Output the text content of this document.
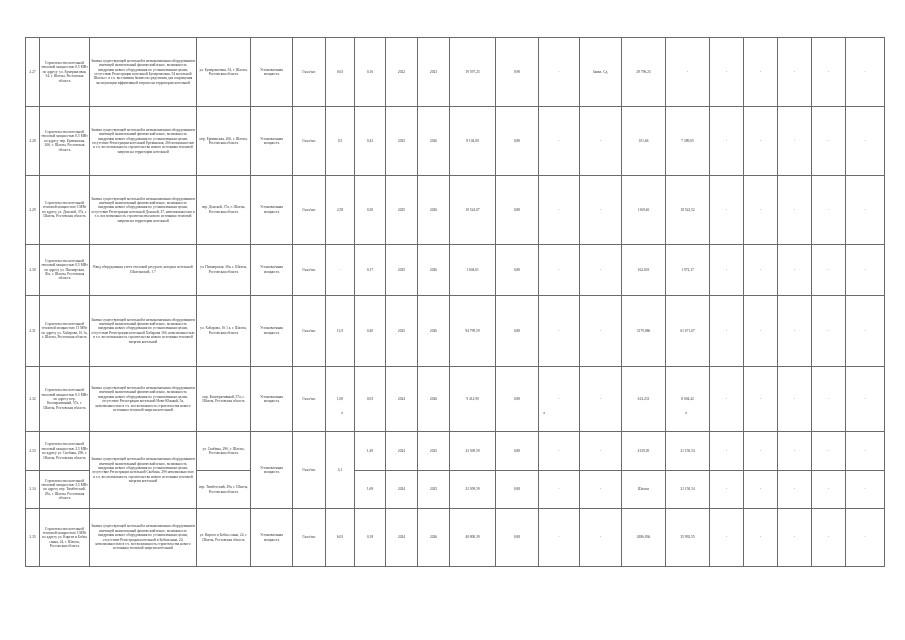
2.27	Строительство котельной тепловой мощностью 0,5 МВт по адресу: ул. Бумеранговая, 54, г. Шахты, Ростовская область	Замена существующей котельной в неэкономичным оборудованием имеющей значительный физический износ, возможность внедрения нового оборудования по установленным целям, отсутствие Регистрации котельной Бумеранговая, 54 котельной Шахты г. в т.ч. воз мнения бизнесов средствами для сокращения эксплуатации эффективной затраты на территории котельной	ул. Бумеранговая, 54, г. Шахты, Ростовская область	Установленная мощность	Гкал/час	0,63	0,16	2022	2023	19 597,25	0,90	-	Заявл. Сд.	29 796,23	-	-	-	-	-	-
2.28	Строительство котельной тепловой мощностью 0,5 МВт по адресу пер. Ереванская, 26б, г. Шахты, Ростовская область	Замена существующей котельной в неэкономичным оборудованием имеющей значительный физический износ, возможность внедрения нового оборудования по установленным целям, отсутствие Регистрации котельной Ереванская, 26б возможностью в т.ч. воз возможность строительства нового источника тепловой энергии на территории котельной	пер. Ереванская, 26б, г. Шахты, Ростовская область	Установленная мощность	Гкал/час	0,5	0,43	2025	2026	8 104,00	0,80	-	-	101,66	7 389,65	-	-	-	-	-
2.29	Строительство котельной тепловой мощностью 3 МВт по адресу ул. Донской, 37а, г. Шахты, Ростовская область	Замена существующей котельной в неэкономичным оборудованием имеющей значительный физический износ, возможность внедрения нового оборудования по установленным целям, отсутствие Регистрации котельной Донской, 37, невозможностью в т.ч. воз возможность строительства нового источника тепловой энергии на территории котельной	пер. Донской, 37а, г. Шахты, Ростовская область	Установленная мощность	Гкал/час	2,58	0,30	2025	2026	19 524,07	0,80	-	-	1169,46	18 522,52	-	-	-	-	-
2.30	Строительство котельной тепловой мощностью 0,5 МВт по адресу ул. Пионерская, 30а, г. Шахты, Ростовская область	Ввод оборудования учета тепловой ресурсов, которых котельной Шахтинской, 1 7	ул. Пионерская, 30а, г. Шахты, Ростовская область	Установленная мощность	Гкал/час	-	0,17	2025	2026	1 604,01	0,80	-	-	162,601	1 972,17	-	-	-	-	-
2.31	Строительство котельной тепловой мощностью 15 МВт по адресу ул. Хабарова, 16 1а, г. Шахты, Ростовская область	Замена существующей котельной в неэкономичным оборудованием имеющей значительный физический износ, возможность внедрения нового оборудования по установленным целям, отсутствие Регистрации котельной Хабарова 16б, невозможностью в т.ч. воз возможность строительства нового источника тепловой энергии котельной	ул. Хабарова, 16 1 а, г. Шахты, Ростовская область	Установленная мощность	Гкал/час	12,9	0,40	2025	2026	94 799,59	0,80	-	-	3179,086	61 671,67	-	-	-	-	-
2.32	Строительство котельной тепловой мощностью 0,5 МВт по адресу пер. Кооперативный, 57а, г. Шахты, Ростовская область	Замена существующей котельной в неэкономичным оборудованием имеющей значительный физический износ, возможность внедрения нового оборудования по установленным целям, отсутствие Регистрации котельной Ново-Южный, 5а, невозможностью в т.ч. воз возможность строительства нового источника тепловой энергии котельной	пер. Кооперативный, 57а, г. Шахты, Ростовская область	Установленная мощность	Гкал/час	1,00	0,03	2024	2026	9 412,90	0,80	-	-	614,231	8 004,42	-	-	-	-	-
2.33	Строительство котельной тепловой мощностью 2,5 МВт по адресу ул. Скобина, 29б, г. Шахты, Ростовская область	Замена существующей котельной в неэкономичным оборудованием имеющей значительный физический износ, возможность внедрения нового оборудования по установленным целям, отсутствие Регистрации котельной Скобина, 29б невозможностью в т.ч. воз возможность строительства нового источника тепловой энергии котельной	ул. Скобина, 29б, г. Шахты, Ростовская область	Установленная мощность	Гкал/час	4,1	1,49	2024	2025	23 509,59	0,80	-	-	4139,05	21 150,54	-	-	-	-	-
2.34	Строительство котельной тепловой мощностью 3,5 МВт по адресу пер. Тимбетский, 29а, г. Шахты, Ростовская область		пер. Тимбетский, 29а, г. Шахты, Ростовская область				1,69	2024	2025	23 509,59	0,80	-	-	Шахты	21 150,54	-	-	-	-	-
2.35	Строительство котельной тепловой мощностью 3 МВт по адресу ул. Киргиз и Бобка санна, 24, г. Шахты, Ростовская область	Замена существующей котельной в неэкономичным оборудованием имеющей значительный физический износ, возможность внедрения нового оборудования по установленным целям, отсутствие Регистрации котельной в Бобкасанна, 24, невозможностью в т.ч. воз возможность строительства нового источника тепловой энергии котельной	ул. Киргиз и Бобка санна, 24, г. Шахты, Ростовская область	Установленная мощность	Гкал/час	6,03	0,18	2024	2026	40 800,39	0,80	-	-	4386,036	35 992,55	-	-	-	-	-
a	a	a
